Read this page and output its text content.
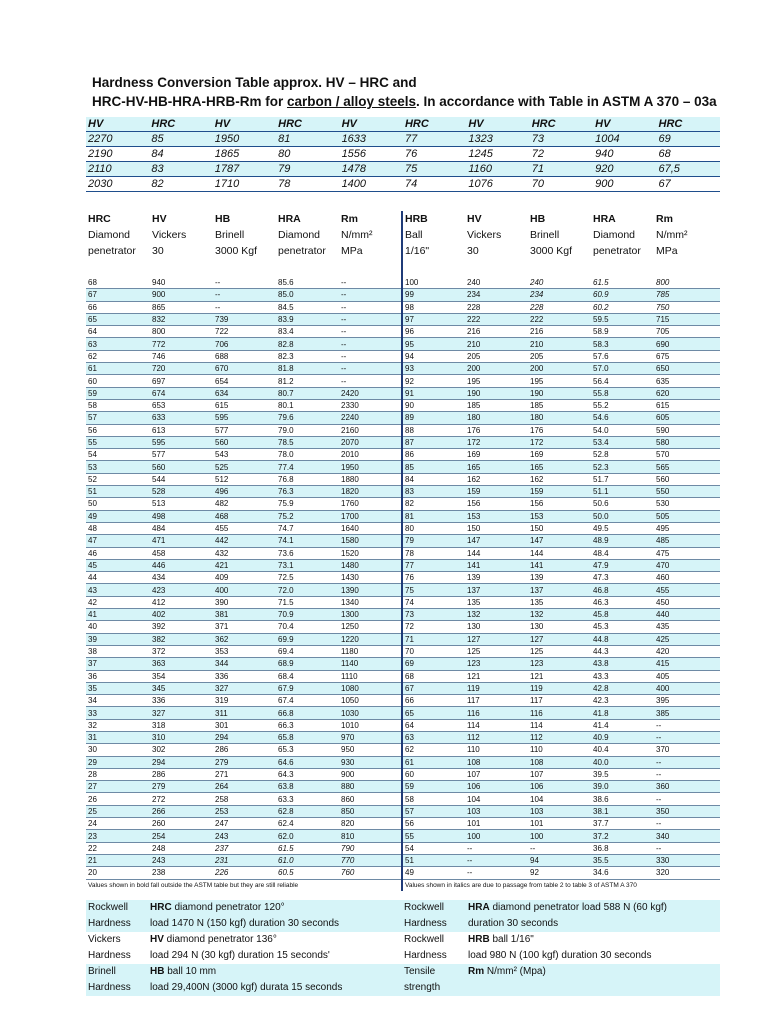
Hardness Conversion Table approx. HV – HRC and
HRC-HV-HB-HRA-HRB-Rm for carbon / alloy steels. In accordance with Table in ASTM A 370 – 03a
HV	HRC	HV	HRC	HV	HRC	HV	HRC	HV	HRC
2270	85	1950	81	1633	77	1323	73	1004	69
2190	84	1865	80	1556	76	1245	72	940	68
2110	83	1787	79	1478	75	1160	71	920	67,5
2030	82	1710	78	1400	74	1076	70	900	67
HRC	HV	HB	HRA	Rm	HRB	HV	HB	HRA	Rm
Diamond	Vickers	Brinell	Diamond	N/mm²	Ball	Vickers	Brinell	Diamond	N/mm²
penetrator	30	3000 Kgf	penetrator	MPa	1/16"	30	3000 Kgf	penetrator	MPa

68	940	--	85.6	--	100	240	240	61.5	800
67	900	--	85.0	--	99	234	234	60.9	785
66	865	--	84.5	--	98	228	228	60.2	750
65	832	739	83.9	--	97	222	222	59.5	715
64	800	722	83.4	--	96	216	216	58.9	705
63	772	706	82.8	--	95	210	210	58.3	690
62	746	688	82.3	--	94	205	205	57.6	675
61	720	670	81.8	--	93	200	200	57.0	650
60	697	654	81.2	--	92	195	195	56.4	635
59	674	634	80.7	2420	91	190	190	55.8	620
58	653	615	80.1	2330	90	185	185	55.2	615
57	633	595	79.6	2240	89	180	180	54.6	605
56	613	577	79.0	2160	88	176	176	54.0	590
55	595	560	78.5	2070	87	172	172	53.4	580
54	577	543	78.0	2010	86	169	169	52.8	570
53	560	525	77.4	1950	85	165	165	52.3	565
52	544	512	76.8	1880	84	162	162	51.7	560
51	528	496	76.3	1820	83	159	159	51.1	550
50	513	482	75.9	1760	82	156	156	50.6	530
49	498	468	75.2	1700	81	153	153	50.0	505
48	484	455	74.7	1640	80	150	150	49.5	495
47	471	442	74.1	1580	79	147	147	48.9	485
46	458	432	73.6	1520	78	144	144	48.4	475
45	446	421	73.1	1480	77	141	141	47.9	470
44	434	409	72.5	1430	76	139	139	47.3	460
43	423	400	72.0	1390	75	137	137	46.8	455
42	412	390	71.5	1340	74	135	135	46.3	450
41	402	381	70.9	1300	73	132	132	45.8	440
40	392	371	70.4	1250	72	130	130	45.3	435
39	382	362	69.9	1220	71	127	127	44.8	425
38	372	353	69.4	1180	70	125	125	44.3	420
37	363	344	68.9	1140	69	123	123	43.8	415
36	354	336	68.4	1110	68	121	121	43.3	405
35	345	327	67.9	1080	67	119	119	42.8	400
34	336	319	67.4	1050	66	117	117	42.3	395
33	327	311	66.8	1030	65	116	116	41.8	385
32	318	301	66.3	1010	64	114	114	41.4	--
31	310	294	65.8	970	63	112	112	40.9	--
30	302	286	65.3	950	62	110	110	40.4	370
29	294	279	64.6	930	61	108	108	40.0	--
28	286	271	64.3	900	60	107	107	39.5	--
27	279	264	63.8	880	59	106	106	39.0	360
26	272	258	63.3	860	58	104	104	38.6	--
25	266	253	62.8	850	57	103	103	38.1	350
24	260	247	62.4	820	56	101	101	37.7	--
23	254	243	62.0	810	55	100	100	37.2	340
22	248	237	61.5	790	54	--	--	36.8	--
21	243	231	61.0	770	51	--	94	35.5	330
20	238	226	60.5	760	49	--	92	34.6	320
Values shown in bold fall outside the ASTM table but they are still reliable					Values shown in italics are due to passage from table 2 to table 3 of ASTM A 370				
Rockwell	HRC diamond penetrator 120°	Rockwell	HRA diamond penetrator load 588 N (60 kgf)
Hardness	load 1470 N (150 kgf) duration 30 seconds	Hardness	duration 30 seconds
Vickers	HV diamond penetrator 136°	Rockwell	HRB ball 1/16"
Hardness	load 294 N (30 kgf) duration 15 seconds'	Hardness	load 980 N (100 kgf) duration 30 seconds
Brinell	HB ball 10 mm	Tensile	Rm N/mm² (Mpa)
Hardness	load 29,400N (3000 kgf) durata 15 seconds	strength	
